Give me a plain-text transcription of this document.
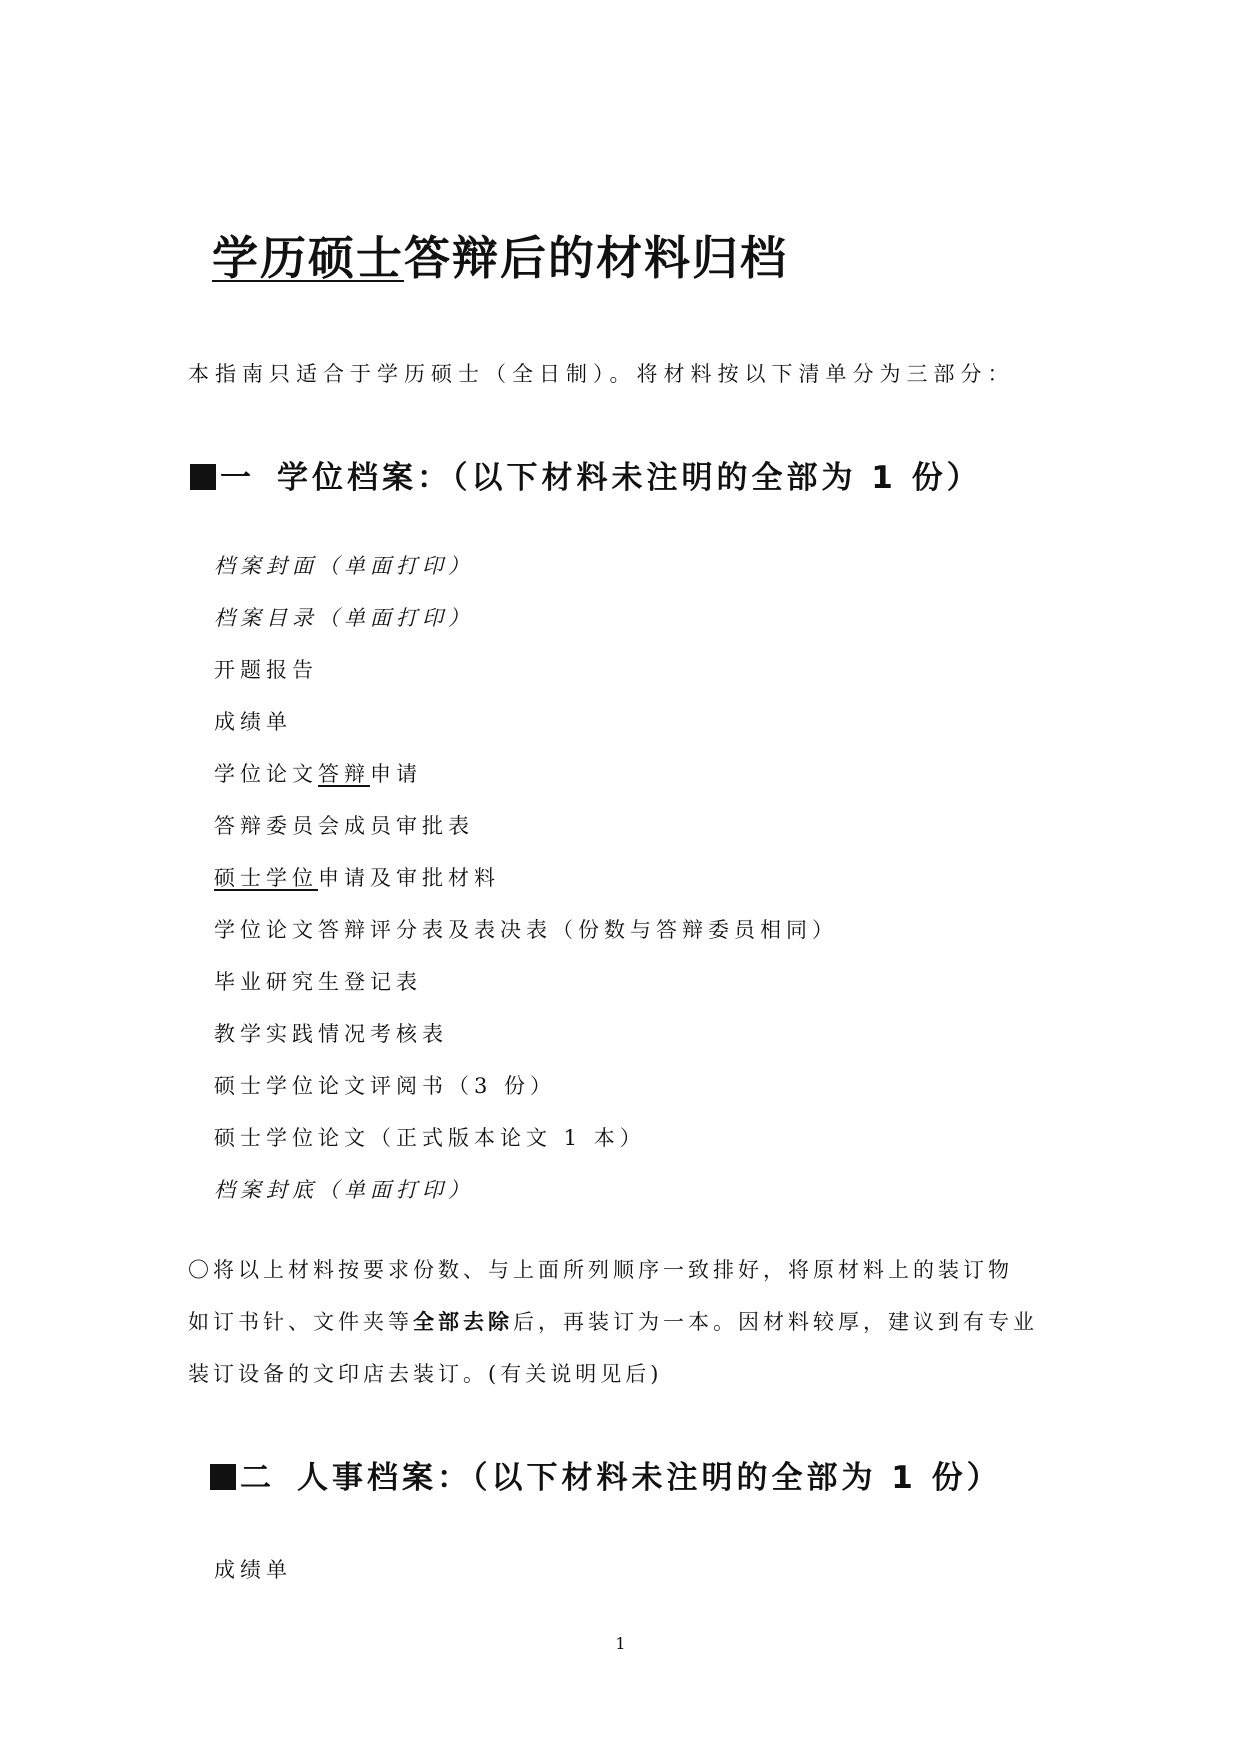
学历硕士答辩后的材料归档
本指南只适合于学历硕士（全日制）。将材料按以下清单分为三部分：
一 学位档案：（以下材料未注明的全部为 1 份）
档案封面（单面打印）
档案目录（单面打印）
开题报告
成绩单
学位论文答辩申请
答辩委员会成员审批表
硕士学位申请及审批材料
学位论文答辩评分表及表决表（份数与答辩委员相同）
毕业研究生登记表
教学实践情况考核表
硕士学位论文评阅书（3 份）
硕士学位论文（正式版本论文 1 本）
档案封底（单面打印）
〇将以上材料按要求份数、与上面所列顺序一致排好，将原材料上的装订物
如订书针、文件夹等全部去除后，再装订为一本。因材料较厚，建议到有专业
装订设备的文印店去装订。(有关说明见后)
二 人事档案：（以下材料未注明的全部为 1 份）
成绩单
1
